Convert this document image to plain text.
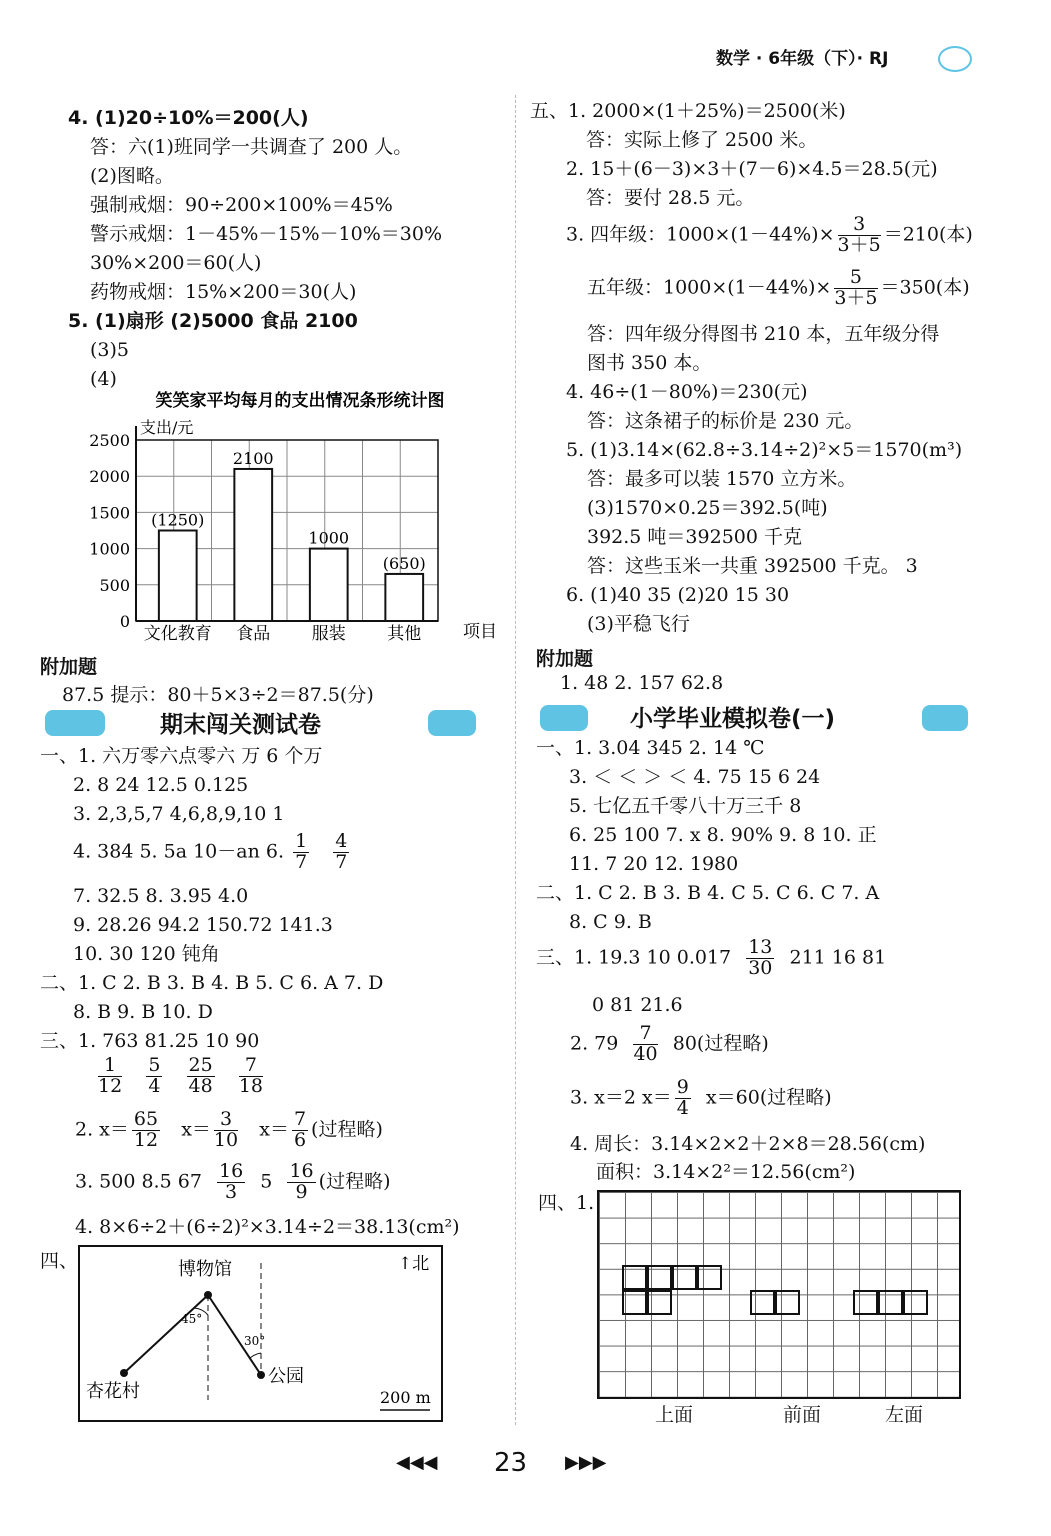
数学 · 6年级（下）· RJ
4. (1)20÷10%＝200(人)
答：六(1)班同学一共调查了 200 人。
(2)图略。
强制戒烟：90÷200×100%＝45%
警示戒烟：1－45%－15%－10%＝30%
30%×200＝60(人)
药物戒烟：15%×200＝30(人)
5. (1)扇形 (2)5000 食品 2100
(3)5
(4)
笑笑家平均每月的支出情况条形统计图
支出/元
0
500
1000
1500
2000
2500
(1250)
文化教育
2100
食品
1000
服装
(650)
其他 项目
附加题
87.5 提示：80＋5×3÷2＝87.5(分)
期末闯关测试卷
一、1. 六万零六点零六 万 6 个万
2. 8 24 12.5 0.125
3. 2,3,5,7 4,6,8,9,10 1
4. 384 5. 5a 10－an 6. $\frac{1}{7}$
$\frac{4}{7}$
7. 32.5 8. 3.95 4.0
9. 28.26 94.2 150.72 141.3
10. 30 120 钝角
二、1. C 2. B 3. B 4. B 5. C 6. A 7. D
8. B 9. B 10. D
三、1. 763 81.25 10 90
$\frac{1}{12}$
$\frac{5}{4}$
$\frac{25}{48}$
$\frac{7}{18}$
2. $x= \frac{65}{12} x= \frac{3}{10} x= \frac{7}{6}$ (过程略)
3. 500 8.5 $67 \frac{16}{3} 5 \frac{16}{9}$ (过程略)
4. 8×6÷2＋(6÷2)²×3.14÷2＝38.13(cm²)
四、	博物馆	↑北
45°
30°
杏花村
公园
200 m
五、1. 2000×(1＋25%)＝2500(米)
答：实际上修了 2500 米。
2. 15＋(6－3)×3＋(7－6)×4.5＝28.5(元)
答：要付 28.5 元。
3. 四年级：$1000\times(1-44\%)\times \frac{3}{3+5} =210$(本)
五年级：$1000\times(1-44\%)\times \frac{5}{3+5} =350$(本)
答：四年级分得图书 210 本，五年级分得
图书 350 本。
4. 46÷(1－80%)＝230(元)
答：这条裙子的标价是 230 元。
5. (1)3.14×(62.8÷3.14÷2)²×5＝1570(m³)
答：最多可以装 1570 立方米。
(3)1570×0.25＝392.5(吨)
392.5 吨＝392500 千克
答：这些玉米一共重 392500 千克。 3
6. (1)40 35 (2)20 15 30
(3)平稳飞行
附加题
1. 48 2. 157 62.8
小学毕业模拟卷(一)
一、1. 3.04 345 2. 14 ℃
3. ＜ ＜ ＞ ＜ 4. 75 15 6 24
5. 七亿五千零八十万三千 8
6. 25 100 7. x 8. 90% 9. 8 10. 正
11. 7 20 12. 1980
二、1. C 2. B 3. B 4. C 5. C 6. C 7. A
8. C 9. B
三、1. 19.3 10 $0.017 \frac{13}{30} 211$ 16 81
0 81 21.6
2. $79 \frac{7}{40} 80$(过程略)
3. x＝2 $x= \frac{9}{4} x=60$(过程略)
4. 周长：3.14×2×2＋2×8＝28.56(cm)
面积：3.14×2²＝12.56(cm²)
四、1.
上面	前面	左面
◀◀◀ 23 ▶▶▶
